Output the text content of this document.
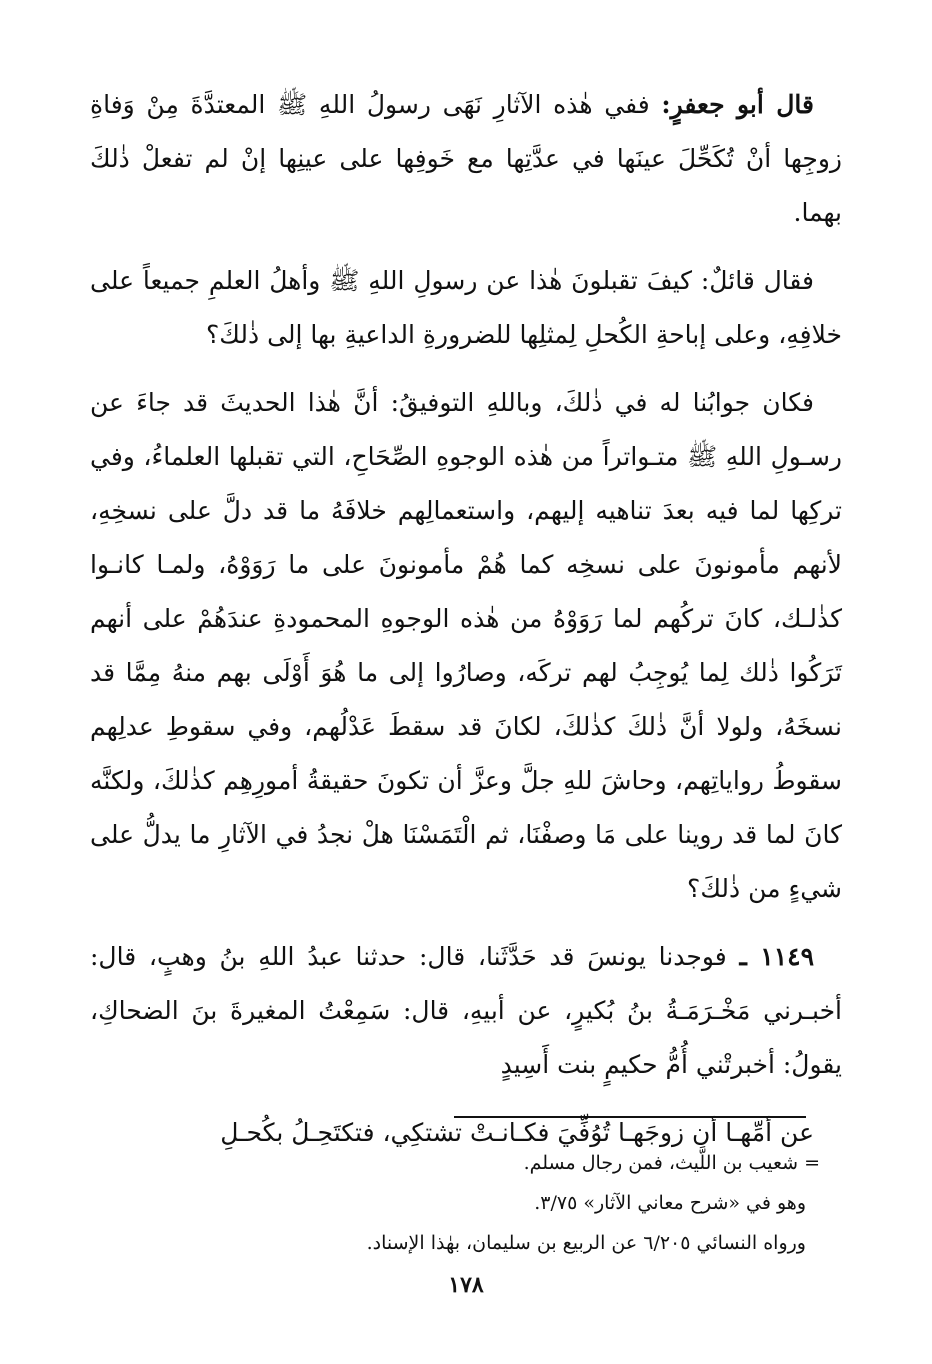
قال أبو جعفرٍ: ففي هٰذه الآثارِ نَهَى رسولُ اللهِ ﷺ المعتدَّةَ مِنْ وَفاةِ زوجِها أنْ تُكَحِّلَ عينَها في عدَّتِها مع خَوفِها على عينِها إنْ لم تفعلْ ذٰلكَ بهما.

فقال قائلٌ: كيفَ تقبلونَ هٰذا عن رسولِ اللهِ ﷺ وأهلُ العلمِ جميعاً على خلافِهِ، وعلى إباحةِ الكُحلِ لِمثلِها للضرورةِ الداعيةِ بها إلى ذٰلكَ؟

فكان جوابُنا له في ذٰلكَ، وباللهِ التوفيقُ: أنَّ هٰذا الحديثَ قد جاءَ عن رسـولِ اللهِ ﷺ متـواتراً من هٰذه الوجوهِ الصِّحَاحِ، التي تقبلها العلماءُ، وفي تركِها لما فيه بعدَ تناهيه إليهم، واستعمالِهم خلافَهُ ما قد دلَّ على نسخِهِ، لأنهم مأمونونَ على نسخِه كما هُمْ مأمونونَ على ما رَوَوْهُ، ولمـا كانـوا كذٰلـك، كانَ تركُهم لما رَوَوْهُ من هٰذه الوجوهِ المحمودةِ عندَهُمْ على أنهم تَرَكُوا ذٰلك لِما يُوجِبُ لهم تركَه، وصارُوا إلى ما هُوَ أَوْلَى بهم منهُ مِمَّا قد نسخَهُ، ولولا أنَّ ذٰلكَ كذٰلكَ، لكانَ قد سقطَ عَدْلُهم، وفي سقوطِ عدلِهم سقوطُ رواياتِهم، وحاشَ للهِ جلَّ وعزَّ أن تكونَ حقيقةُ أمورِهِم كذٰلكَ، ولكنَّه كانَ لما قد روينا على مَا وصفْنَا، ثم الْتَمَسْنَا هلْ نجدُ في الآثارِ ما يدلُّ على شيءٍ من ذٰلكَ؟

١١٤٩ ـ فوجدنا يونسَ قد حَدَّثَنا، قال: حدثنا عبدُ اللهِ بنُ وهبٍ، قال: أخبـرني مَخْـرَمَـةُ بنُ بُكيرٍ، عن أبيهِ، قال: سَمِعْتُ المغيرةَ بنَ الضحاكِ، يقولُ: أخبرتْني أُمُّ حكيمٍ بنت أَسِيدٍ

عن أمِّهـا أن زوجَهـا تُوُفِّيَ فكـانـتْ تشتكِي، فتكتَحِـلُ بكُحـلِ

= شعيب بن اللَّيث، فمن رجال مسلم.

وهو في «شرح معاني الآثار» ٣/٧٥.

ورواه النسائي ٦/٢٠٥ عن الربيع بن سليمان، بهٰذا الإسناد.

١٧٨
